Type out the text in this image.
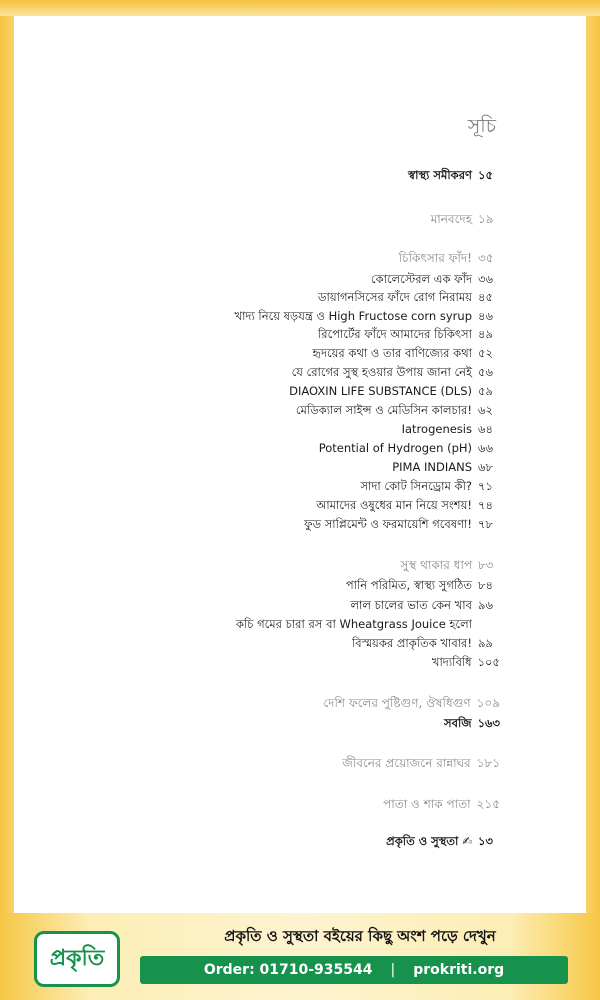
সূচি
স্বাস্থ্য সমীকরণ ১৫
মানবদেহ ১৯
চিকিৎসার ফাঁদ! ৩৫
কোলেস্টেরল এক ফাঁদ ৩৬
ডায়াগনসিসের ফাঁদে রোগ নিরাময় ৪৫
খাদ্য নিয়ে ষড়যন্ত্র ও High Fructose corn syrup ৪৬
রিপোর্টের ফাঁদে আমাদের চিকিৎসা ৪৯
হৃদয়ের কথা ও তার বাণিজ্যের কথা ৫২
যে রোগের সুস্থ হওয়ার উপায় জানা নেই ৫৬
DIAOXIN LIFE SUBSTANCE (DLS) ৫৯
মেডিক্যাল সাইন্স ও মেডিসিন কালচার! ৬২
Iatrogenesis ৬৪
Potential of Hydrogen (pH) ৬৬
PIMA INDIANS ৬৮
সাদা কোট সিনড্রোম কী? ৭১
আমাদের ওষুধের মান নিয়ে সংশয়! ৭৪
ফুড সাপ্লিমেন্ট ও ফরমায়েশি গবেষণা! ৭৮
সুস্থ থাকার ধাপ ৮৩
পানি পরিমিত, স্বাস্থ্য সুগঠিত ৮৪
লাল চালের ভাত কেন খাব ৯৬
কচি গমের চারা রস বা Wheatgrass Jouice হলো
বিস্ময়কর প্রাকৃতিক খাবার! ৯৯
খাদ্যবিধি ১০৫
দেশি ফলের পুষ্টিগুণ, ঔষধিগুণ ১০৯
সবজি ১৬৩
জীবনের প্রয়োজনে রান্নাঘর ১৮১
পাতা ও শাক পাতা ২১৫
প্রকৃতি ও সুস্থতা ✍ ১৩
প্রকৃতি
প্রকৃতি ও সুস্থতা বইয়ের কিছু অংশ পড়ে দেখুন
Order: 01710-935544 | prokriti.org
